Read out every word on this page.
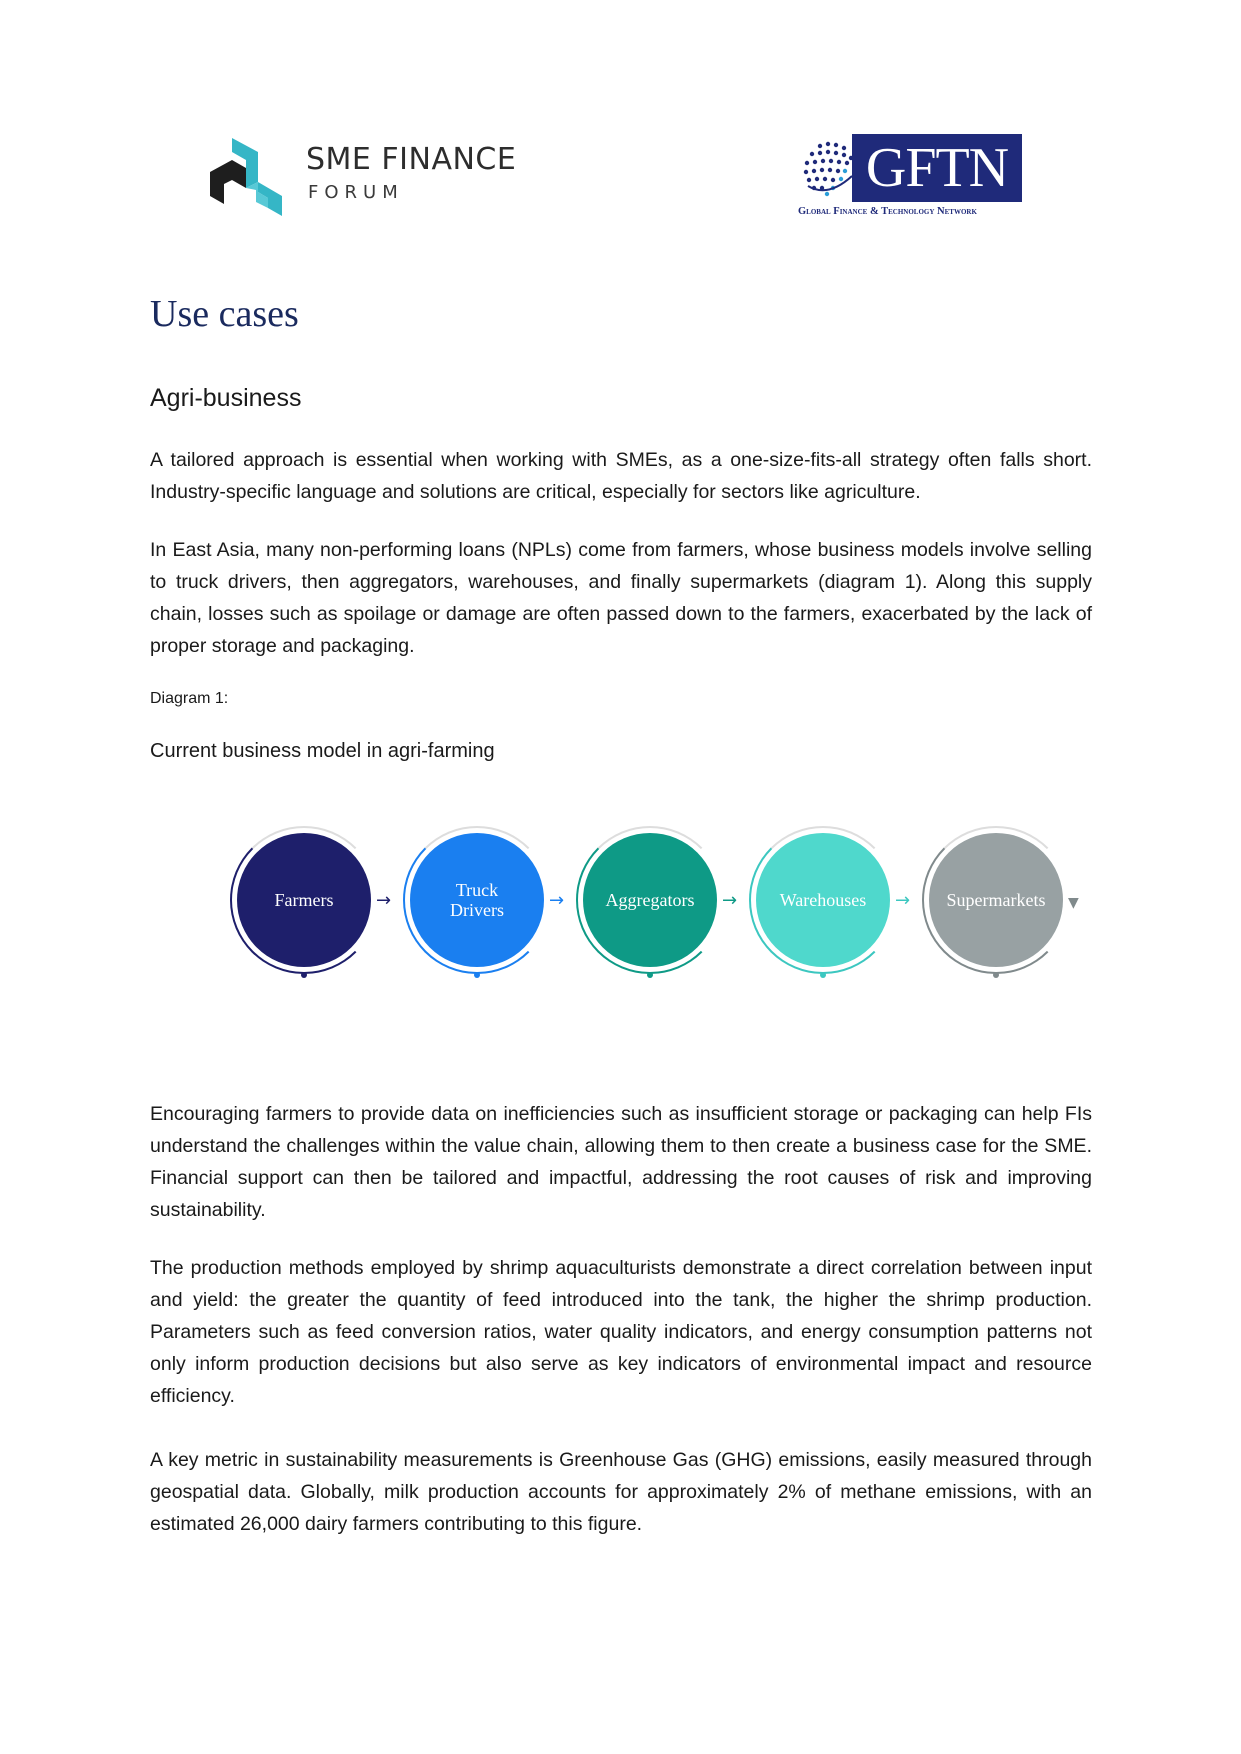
SME FINANCE
FORUM	GFTN
Global Finance & Technology Network
Use cases
Agri-business
A tailored approach is essential when working with SMEs, as a one-size-fits-all strategy often falls short. Industry-specific language and solutions are critical, especially for sectors like agriculture.
In East Asia, many non-performing loans (NPLs) come from farmers, whose business models involve selling to truck drivers, then aggregators, warehouses, and finally supermarkets (diagram 1). Along this supply chain, losses such as spoilage or damage are often passed down to the farmers, exacerbated by the lack of proper storage and packaging.
Diagram 1:
Current business model in agri-farming
Farmers →	Truck Drivers	→ Aggregators → Warehouses → Supermarkets ▼
Encouraging farmers to provide data on inefficiencies such as insufficient storage or packaging can help FIs understand the challenges within the value chain, allowing them to then create a business case for the SME. Financial support can then be tailored and impactful, addressing the root causes of risk and improving sustainability.
The production methods employed by shrimp aquaculturists demonstrate a direct correlation between input and yield: the greater the quantity of feed introduced into the tank, the higher the shrimp production. Parameters such as feed conversion ratios, water quality indicators, and energy consumption patterns not only inform production decisions but also serve as key indicators of environmental impact and resource efficiency.
A key metric in sustainability measurements is Greenhouse Gas (GHG) emissions, easily measured through geospatial data. Globally, milk production accounts for approximately 2% of methane emissions, with an estimated 26,000 dairy farmers contributing to this figure.
